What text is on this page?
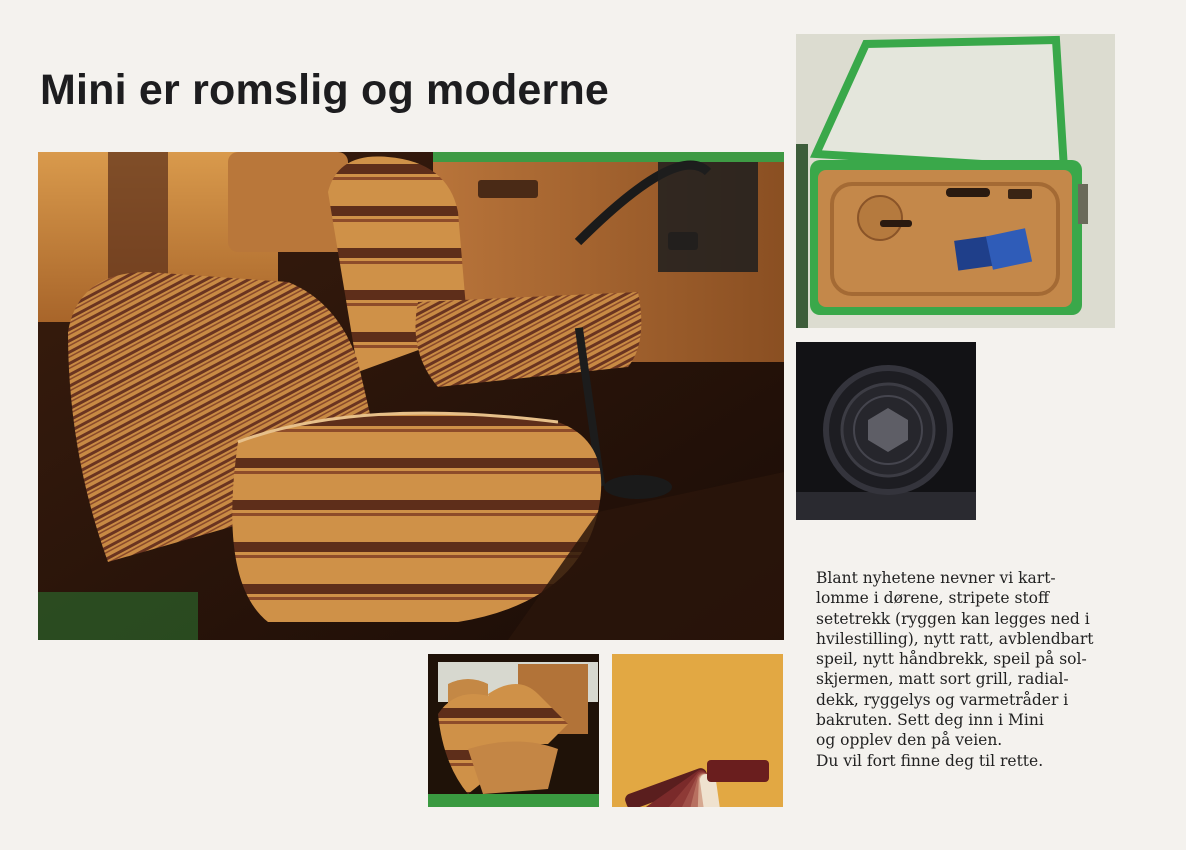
Mini er romslig og moderne
Blant nyhetene nevner vi kart-
lomme i dørene, stripete stoff
setetrekk (ryggen kan legges ned i
hvilestilling), nytt ratt, avblendbart
speil, nytt håndbrekk, speil på sol-
skjermen, matt sort grill, radial-
dekk, ryggelys og varmetråder i
bakruten. Sett deg inn i Mini
og opplev den på veien.
Du vil fort finne deg til rette.
